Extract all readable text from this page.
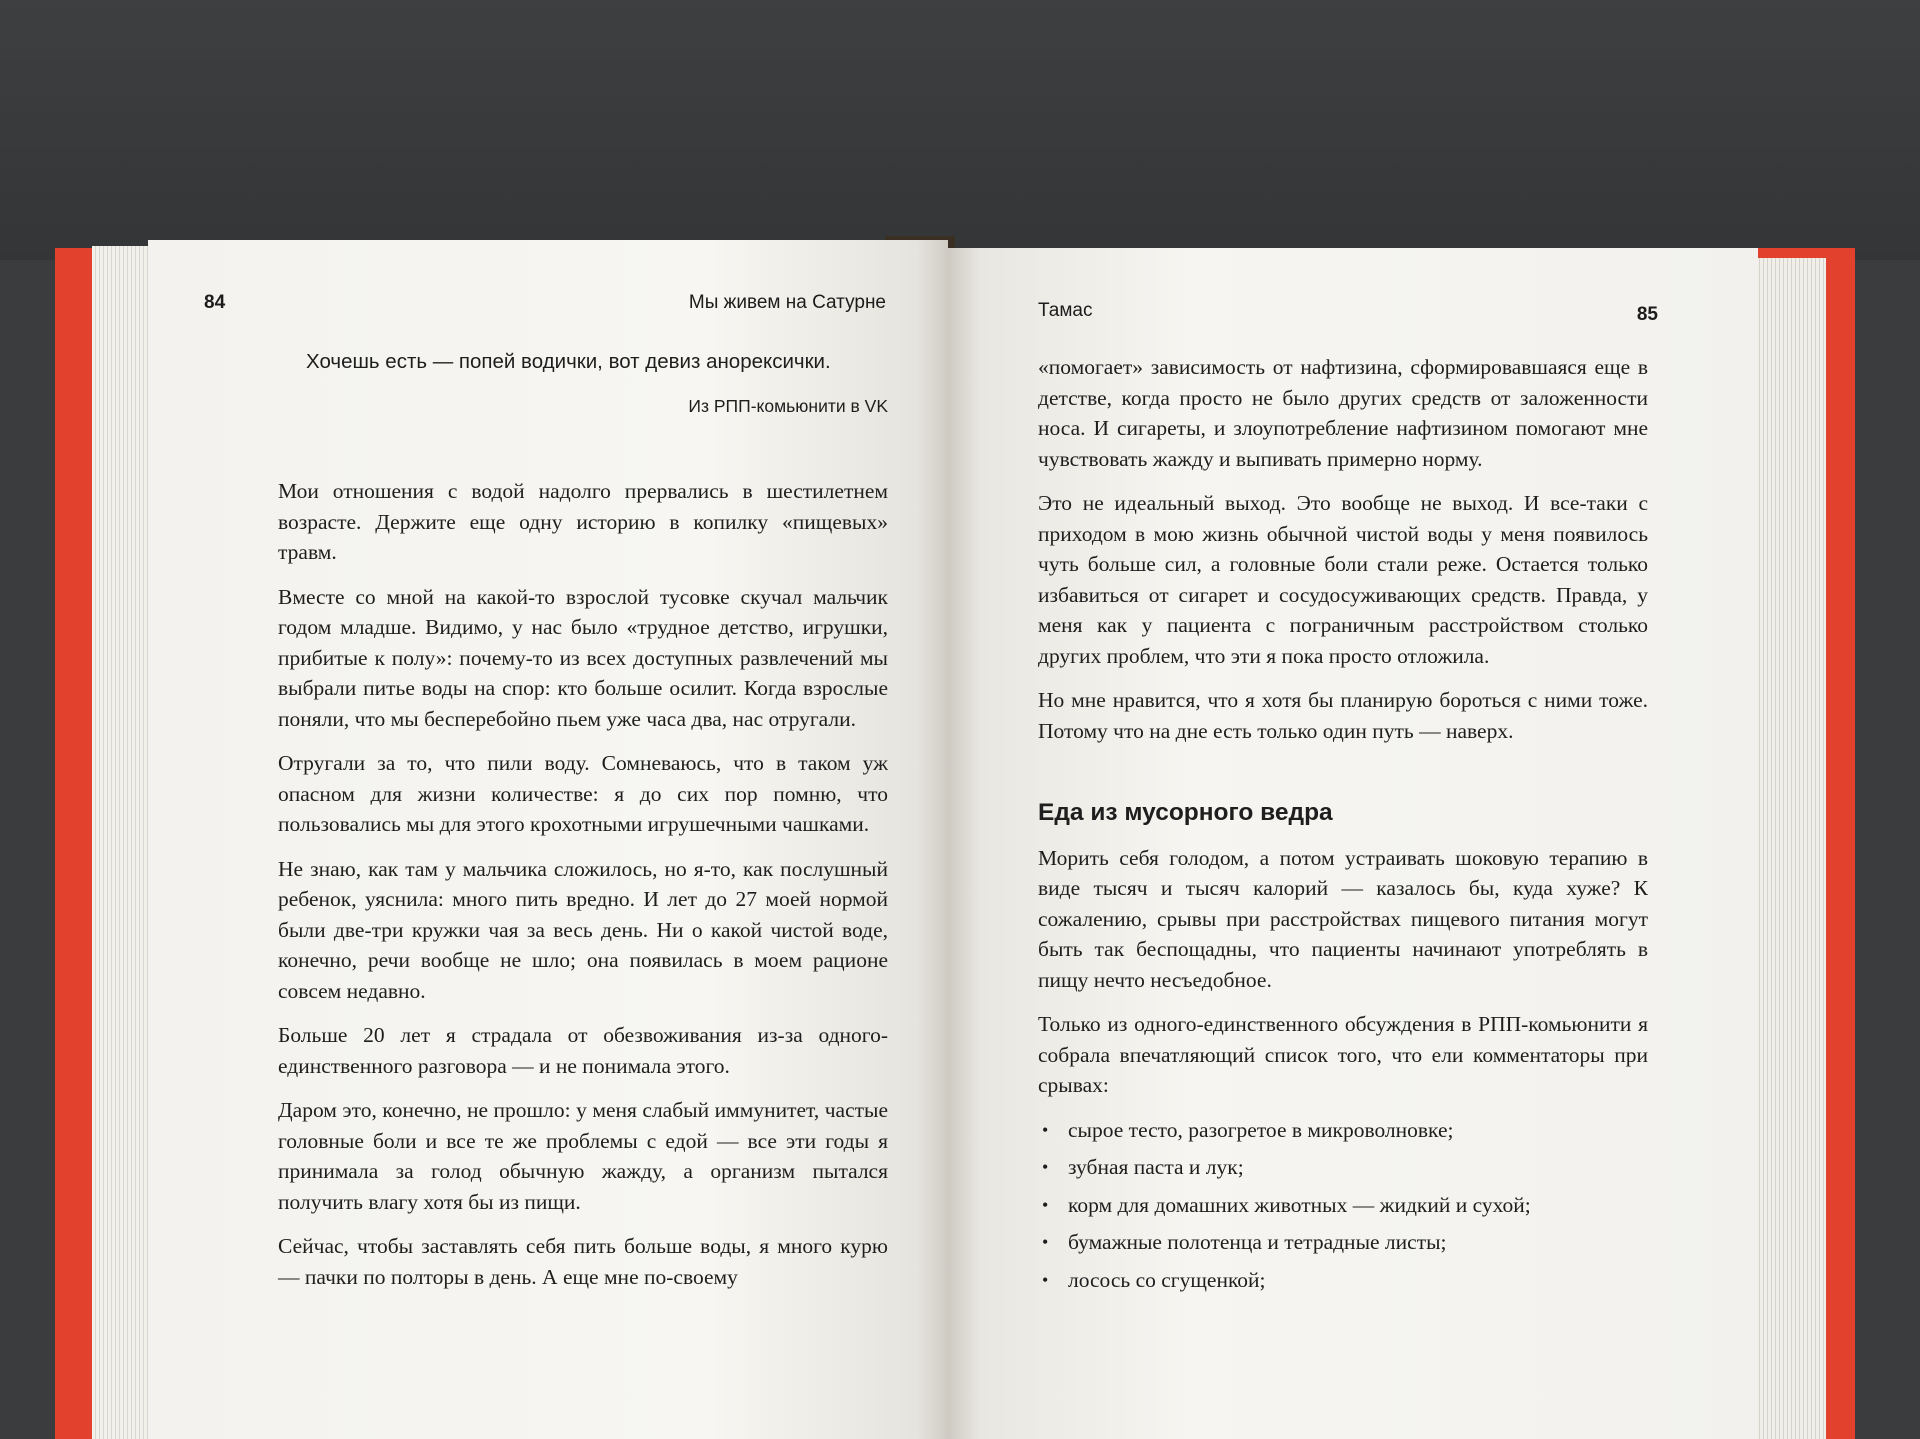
84	Мы живем на Сатурне

Хочешь есть — попей водички, вот девиз анорексички.

Из РПП-комьюнити в VK

Мои отношения с водой надолго прервались в шестилетнем возрасте. Держите еще одну историю в копилку «пищевых» травм.

Вместе со мной на какой-то взрослой тусовке скучал мальчик годом младше. Видимо, у нас было «трудное детство, игрушки, прибитые к полу»: почему-то из всех доступных развлечений мы выбрали питье воды на спор: кто больше осилит. Когда взрослые поняли, что мы бесперебойно пьем уже часа два, нас отругали.

Отругали за то, что пили воду. Сомневаюсь, что в таком уж опасном для жизни количестве: я до сих пор помню, что пользовались мы для этого крохотными игрушечными чашками.

Не знаю, как там у мальчика сложилось, но я-то, как послушный ребенок, уяснила: много пить вредно. И лет до 27 моей нормой были две-три кружки чая за весь день. Ни о какой чистой воде, конечно, речи вообще не шло; она появилась в моем рационе совсем недавно.

Больше 20 лет я страдала от обезвоживания из-за одного-единственного разговора — и не понимала этого.

Даром это, конечно, не прошло: у меня слабый иммунитет, частые головные боли и все те же проблемы с едой — все эти годы я принимала за голод обычную жажду, а организм пытался получить влагу хотя бы из пищи.

Сейчас, чтобы заставлять себя пить больше воды, я много курю — пачки по полторы в день. А еще мне по-своему

Тамас	85

«помогает» зависимость от нафтизина, сформировавшаяся еще в детстве, когда просто не было других средств от заложенности носа. И сигареты, и злоупотребление нафтизином помогают мне чувствовать жажду и выпивать примерно норму.

Это не идеальный выход. Это вообще не выход. И все-таки с приходом в мою жизнь обычной чистой воды у меня появилось чуть больше сил, а головные боли стали реже. Остается только избавиться от сигарет и сосудосуживающих средств. Правда, у меня как у пациента с пограничным расстройством столько других проблем, что эти я пока просто отложила.

Но мне нравится, что я хотя бы планирую бороться с ними тоже. Потому что на дне есть только один путь — наверх.

Еда из мусорного ведра

Морить себя голодом, а потом устраивать шоковую терапию в виде тысяч и тысяч калорий — казалось бы, куда хуже? К сожалению, срывы при расстройствах пищевого питания могут быть так беспощадны, что пациенты начинают употреблять в пищу нечто несъедобное.

Только из одного-единственного обсуждения в РПП-комьюнити я собрала впечатляющий список того, что ели комментаторы при срывах:

• сырое тесто, разогретое в микроволновке;
• зубная паста и лук;
• корм для домашних животных — жидкий и сухой;
• бумажные полотенца и тетрадные листы;
• лосось со сгущенкой;
